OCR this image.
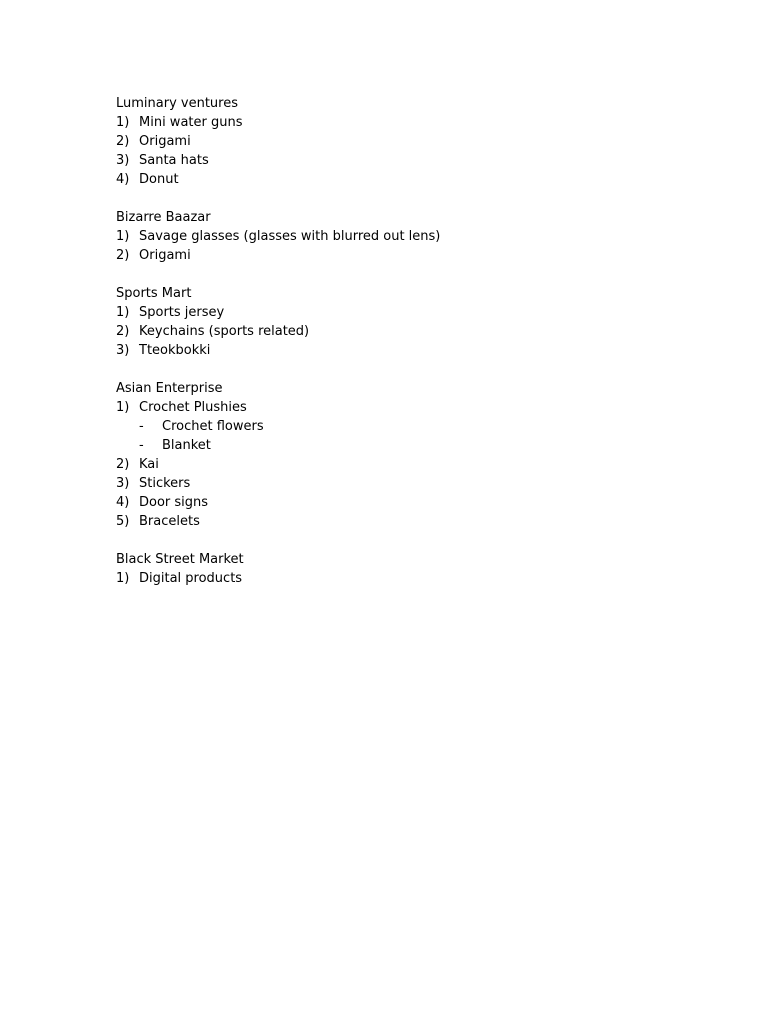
Luminary ventures
1) Mini water guns
2) Origami
3) Santa hats
4) Donut
Bizarre Baazar
1) Savage glasses (glasses with blurred out lens)
2) Origami
Sports Mart
1) Sports jersey
2) Keychains (sports related)
3) Tteokbokki
Asian Enterprise
1) Crochet Plushies
- Crochet flowers
- Blanket
2) Kai
3) Stickers
4) Door signs
5) Bracelets
Black Street Market
1) Digital products
